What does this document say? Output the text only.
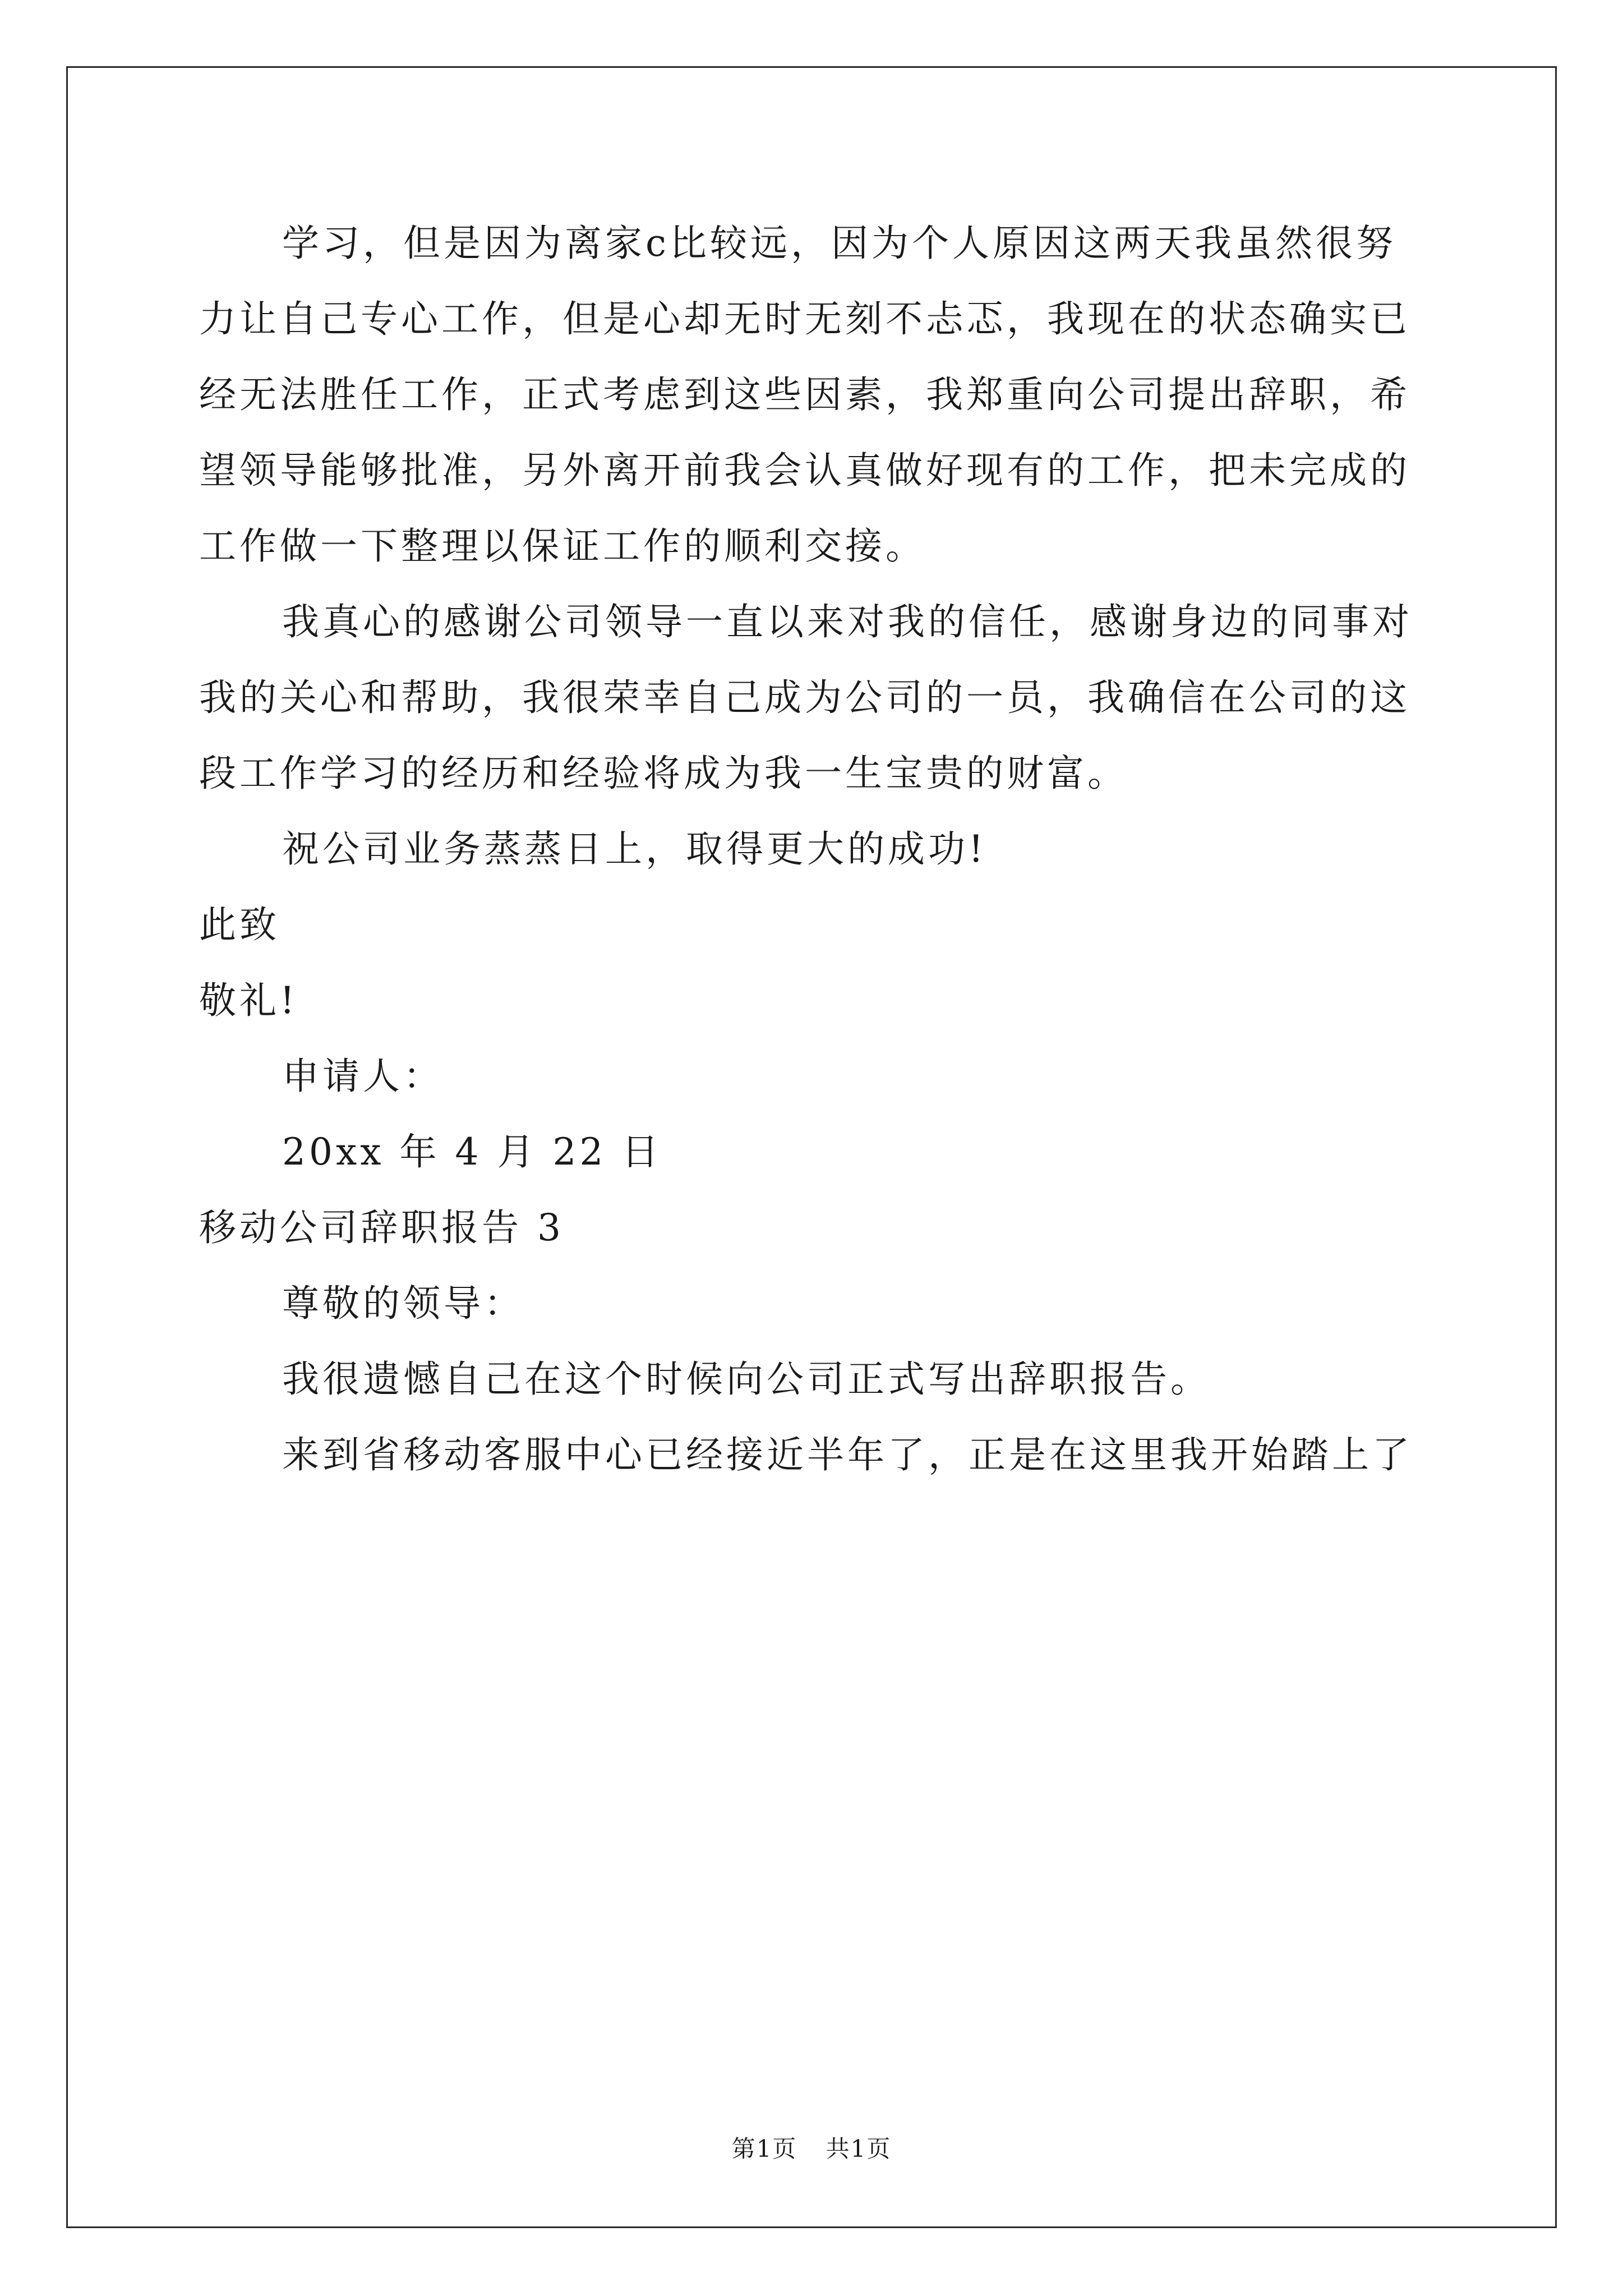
学习，但是因为离家c比较远，因为个人原因这两天我虽然很努
力让自己专心工作，但是心却无时无刻不忐忑，我现在的状态确实已
经无法胜任工作，正式考虑到这些因素，我郑重向公司提出辞职，希
望领导能够批准，另外离开前我会认真做好现有的工作，把未完成的
工作做一下整理以保证工作的顺利交接。
我真心的感谢公司领导一直以来对我的信任，感谢身边的同事对
我的关心和帮助，我很荣幸自己成为公司的一员，我确信在公司的这
段工作学习的经历和经验将成为我一生宝贵的财富。
祝公司业务蒸蒸日上，取得更大的成功!
此致
敬礼!
申请人：
20xx 年 4 月 22 日
移动公司辞职报告 3
尊敬的领导：
我很遗憾自己在这个时候向公司正式写出辞职报告。
来到省移动客服中心已经接近半年了，正是在这里我开始踏上了
第1页 共1页
